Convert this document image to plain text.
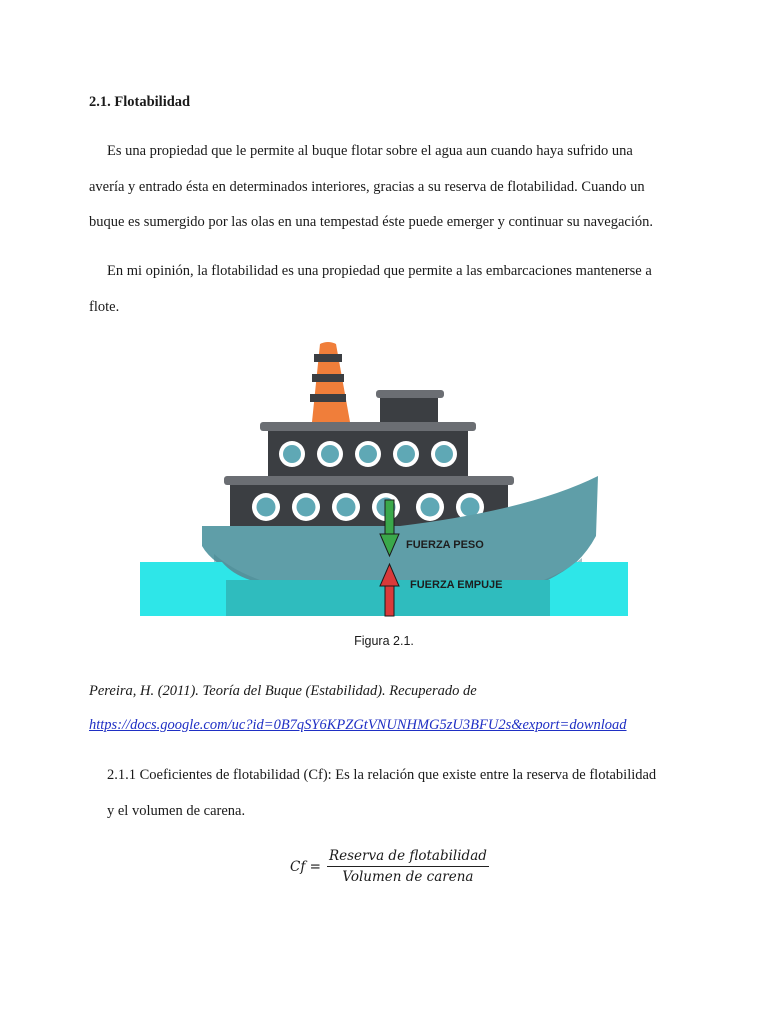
2.1. Flotabilidad
Es una propiedad que le permite al buque flotar sobre el agua aun cuando haya sufrido una
avería y entrado ésta en determinados interiores, gracias a su reserva de flotabilidad. Cuando un
buque es sumergido por las olas en una tempestad éste puede emerger y continuar su navegación.
En mi opinión, la flotabilidad es una propiedad que permite a las embarcaciones mantenerse a
flote.
FUERZA PESO
FUERZA EMPUJE
Figura 2.1.
Pereira, H. (2011). Teoría del Buque (Estabilidad). Recuperado de
https://docs.google.com/uc?id=0B7qSY6KPZGtVNUNHMG5zU3BFU2s&export=download
2.1.1 Coeficientes de flotabilidad (Cf): Es la relación que existe entre la reserva de flotabilidad
y el volumen de carena.
$Cf = \frac{\text{Reserva de flotabilidad}}{\text{Volumen de carena}}$
